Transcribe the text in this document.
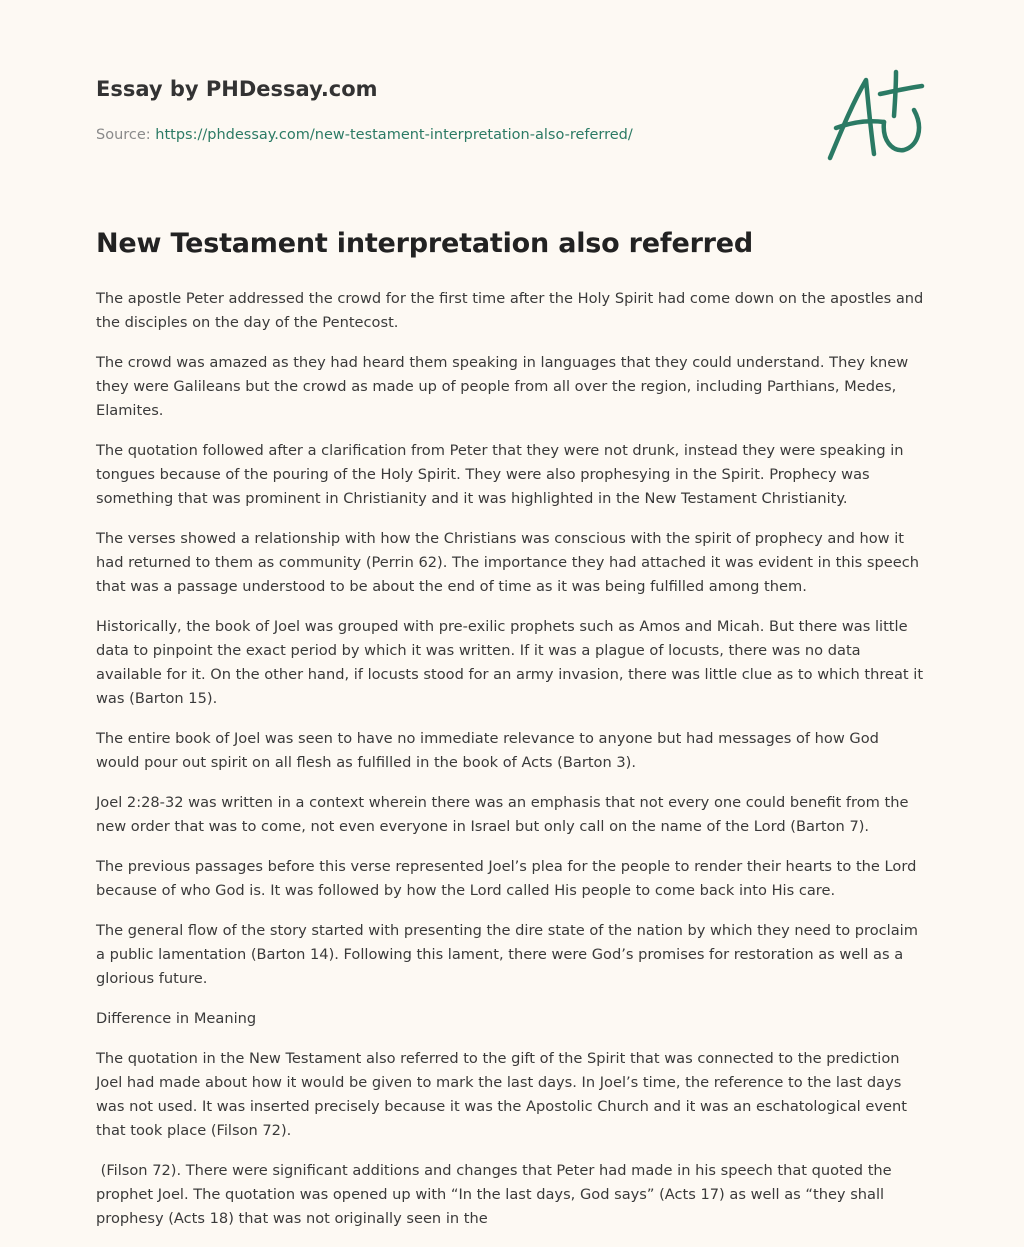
Essay by PHDessay.com
Source: https://phdessay.com/new-testament-interpretation-also-referred/
New Testament interpretation also referred

The apostle Peter addressed the crowd for the first time after the Holy Spirit had come down on the apostles and the disciples on the day of the Pentecost.

The crowd was amazed as they had heard them speaking in languages that they could understand. They knew they were Galileans but the crowd as made up of people from all over the region, including Parthians, Medes, Elamites.

The quotation followed after a clarification from Peter that they were not drunk, instead they were speaking in tongues because of the pouring of the Holy Spirit. They were also prophesying in the Spirit. Prophecy was something that was prominent in Christianity and it was highlighted in the New Testament Christianity.

The verses showed a relationship with how the Christians was conscious with the spirit of prophecy and how it had returned to them as community (Perrin 62). The importance they had attached it was evident in this speech that was a passage understood to be about the end of time as it was being fulfilled among them.

Historically, the book of Joel was grouped with pre-exilic prophets such as Amos and Micah. But there was little data to pinpoint the exact period by which it was written. If it was a plague of locusts, there was no data available for it. On the other hand, if locusts stood for an army invasion, there was little clue as to which threat it was (Barton 15).

The entire book of Joel was seen to have no immediate relevance to anyone but had messages of how God would pour out spirit on all flesh as fulfilled in the book of Acts (Barton 3).

Joel 2:28-32 was written in a context wherein there was an emphasis that not every one could benefit from the new order that was to come, not even everyone in Israel but only call on the name of the Lord (Barton 7).

The previous passages before this verse represented Joel’s plea for the people to render their hearts to the Lord because of who God is. It was followed by how the Lord called His people to come back into His care.

The general flow of the story started with presenting the dire state of the nation by which they need to proclaim a public lamentation (Barton 14). Following this lament, there were God’s promises for restoration as well as a glorious future.

Difference in Meaning

The quotation in the New Testament also referred to the gift of the Spirit that was connected to the prediction Joel had made about how it would be given to mark the last days. In Joel’s time, the reference to the last days was not used. It was inserted precisely because it was the Apostolic Church and it was an eschatological event that took place (Filson 72).

(Filson 72). There were significant additions and changes that Peter had made in his speech that quoted the prophet Joel. The quotation was opened up with “In the last days, God says” (Acts 17) as well as “they shall prophesy (Acts 18) that was not originally seen in the
